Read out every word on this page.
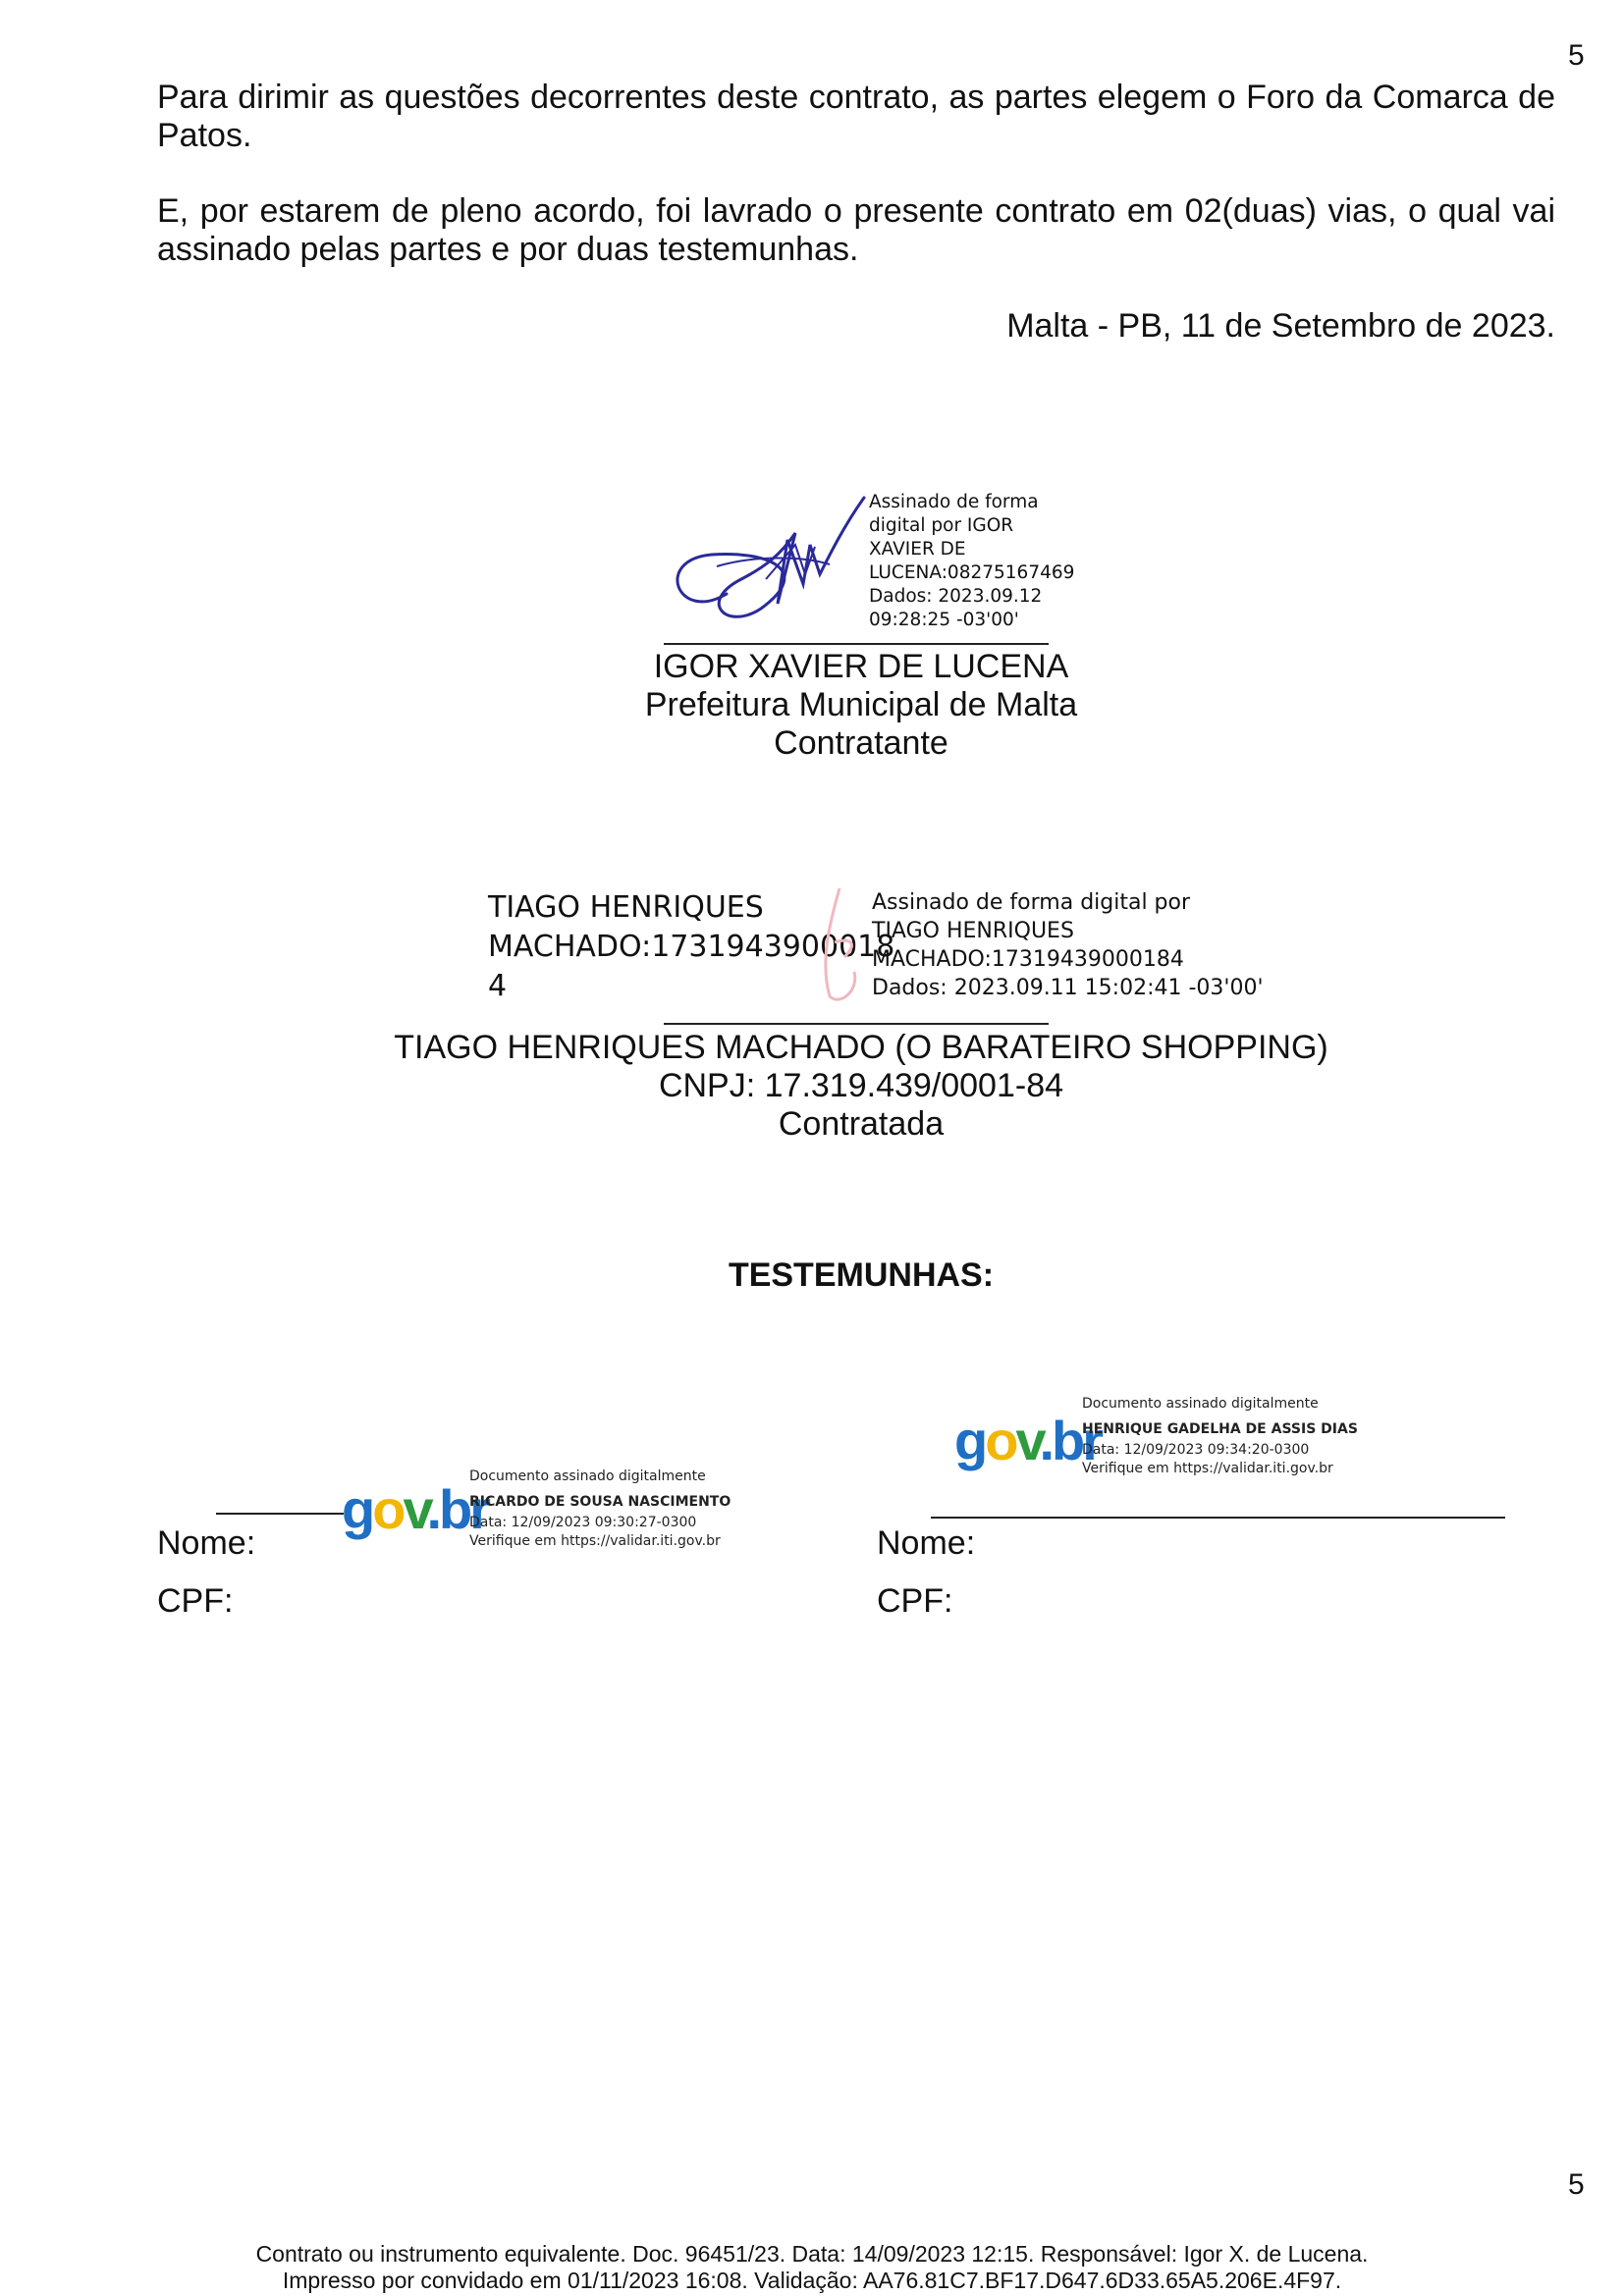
5

Para dirimir as questões decorrentes deste contrato, as partes elegem o Foro da Comarca de Patos.

E, por estarem de pleno acordo, foi lavrado o presente contrato em 02(duas) vias, o qual vai assinado pelas partes e por duas testemunhas.

Malta - PB, 11 de Setembro de 2023.
Assinado de forma
digital por IGOR
XAVIER DE
LUCENA:08275167469
Dados: 2023.09.12
09:28:25 -03'00'
IGOR XAVIER DE LUCENA
Prefeitura Municipal de Malta
Contratante
TIAGO HENRIQUES
MACHADO:1731943900018
4
Assinado de forma digital por
TIAGO HENRIQUES
MACHADO:17319439000184
Dados: 2023.09.11 15:02:41 -03'00'
TIAGO HENRIQUES MACHADO (O BARATEIRO SHOPPING)
CNPJ: 17.319.439/0001-84
Contratada
TESTEMUNHAS:
gov.br
Documento assinado digitalmente
RICARDO DE SOUSA NASCIMENTO
Data: 12/09/2023 09:30:27-0300
Verifique em https://validar.iti.gov.br
Nome:
CPF:
gov.br
Documento assinado digitalmente
HENRIQUE GADELHA DE ASSIS DIAS
Data: 12/09/2023 09:34:20-0300
Verifique em https://validar.iti.gov.br
Nome:
CPF:
5
Contrato ou instrumento equivalente. Doc. 96451/23. Data: 14/09/2023 12:15. Responsável: Igor X. de Lucena.
Impresso por convidado em 01/11/2023 16:08. Validação: AA76.81C7.BF17.D647.6D33.65A5.206E.4F97.
